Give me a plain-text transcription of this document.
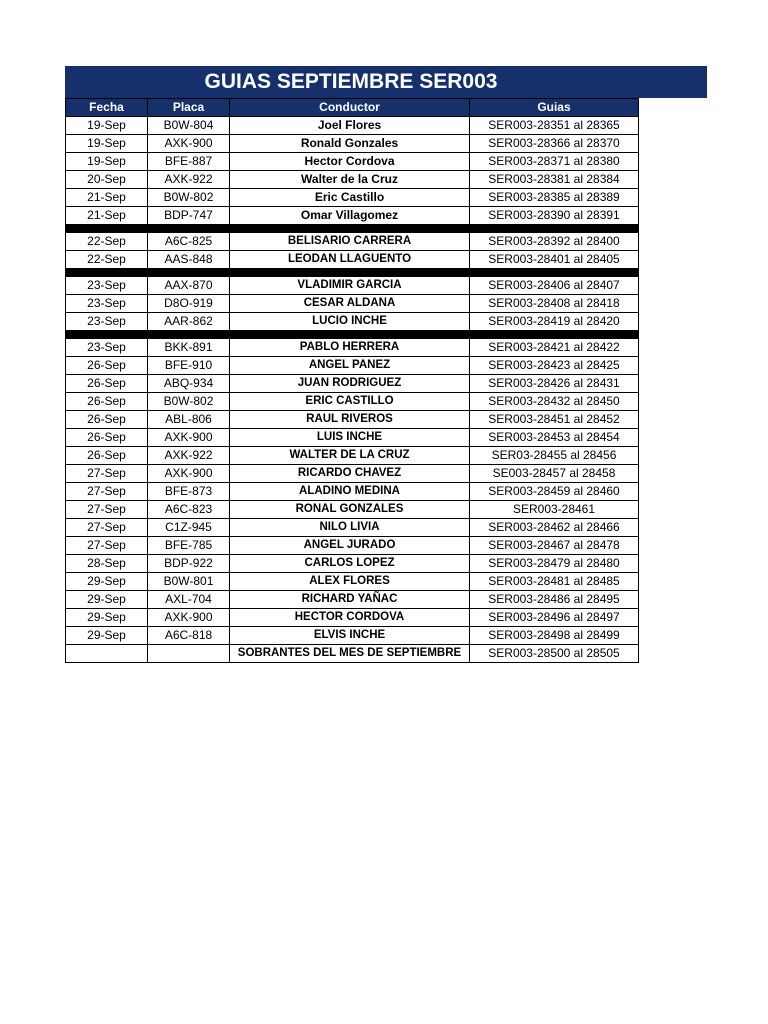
GUIAS SEPTIEMBRE SER003
Fecha	Placa	Conductor	Guias
19-Sep	B0W-804	Joel Flores	SER003-28351 al 28365
19-Sep	AXK-900	Ronald Gonzales	SER003-28366 al 28370
19-Sep	BFE-887	Hector Cordova	SER003-28371 al 28380
20-Sep	AXK-922	Walter de la Cruz	SER003-28381 al 28384
21-Sep	B0W-802	Eric Castillo	SER003-28385 al 28389
21-Sep	BDP-747	Omar Villagomez	SER003-28390 al 28391

22-Sep	A6C-825	BELISARIO CARRERA	SER003-28392 al 28400
22-Sep	AAS-848	LEODAN LLAGUENTO	SER003-28401 al 28405

23-Sep	AAX-870	VLADIMIR GARCIA	SER003-28406 al 28407
23-Sep	D8O-919	CESAR ALDANA	SER003-28408 al 28418
23-Sep	AAR-862	LUCIO INCHE	SER003-28419 al 28420

23-Sep	BKK-891	PABLO HERRERA	SER003-28421 al 28422
26-Sep	BFE-910	ANGEL PANEZ	SER003-28423 al 28425
26-Sep	ABQ-934	JUAN RODRIGUEZ	SER003-28426 al 28431
26-Sep	B0W-802	ERIC CASTILLO	SER003-28432 al 28450
26-Sep	ABL-806	RAUL RIVEROS	SER003-28451 al 28452
26-Sep	AXK-900	LUIS INCHE	SER003-28453 al 28454
26-Sep	AXK-922	WALTER DE LA CRUZ	SER03-28455 al 28456
27-Sep	AXK-900	RICARDO CHAVEZ	SE003-28457 al 28458
27-Sep	BFE-873	ALADINO MEDINA	SER003-28459 al 28460
27-Sep	A6C-823	RONAL GONZALES	SER003-28461
27-Sep	C1Z-945	NILO LIVIA	SER003-28462 al 28466
27-Sep	BFE-785	ANGEL JURADO	SER003-28467 al 28478
28-Sep	BDP-922	CARLOS LOPEZ	SER003-28479 al 28480
29-Sep	B0W-801	ALEX FLORES	SER003-28481 al 28485
29-Sep	AXL-704	RICHARD YAÑAC	SER003-28486 al 28495
29-Sep	AXK-900	HECTOR CORDOVA	SER003-28496 al 28497
29-Sep	A6C-818	ELVIS INCHE	SER003-28498 al 28499
		SOBRANTES DEL MES DE SEPTIEMBRE	SER003-28500 al 28505
